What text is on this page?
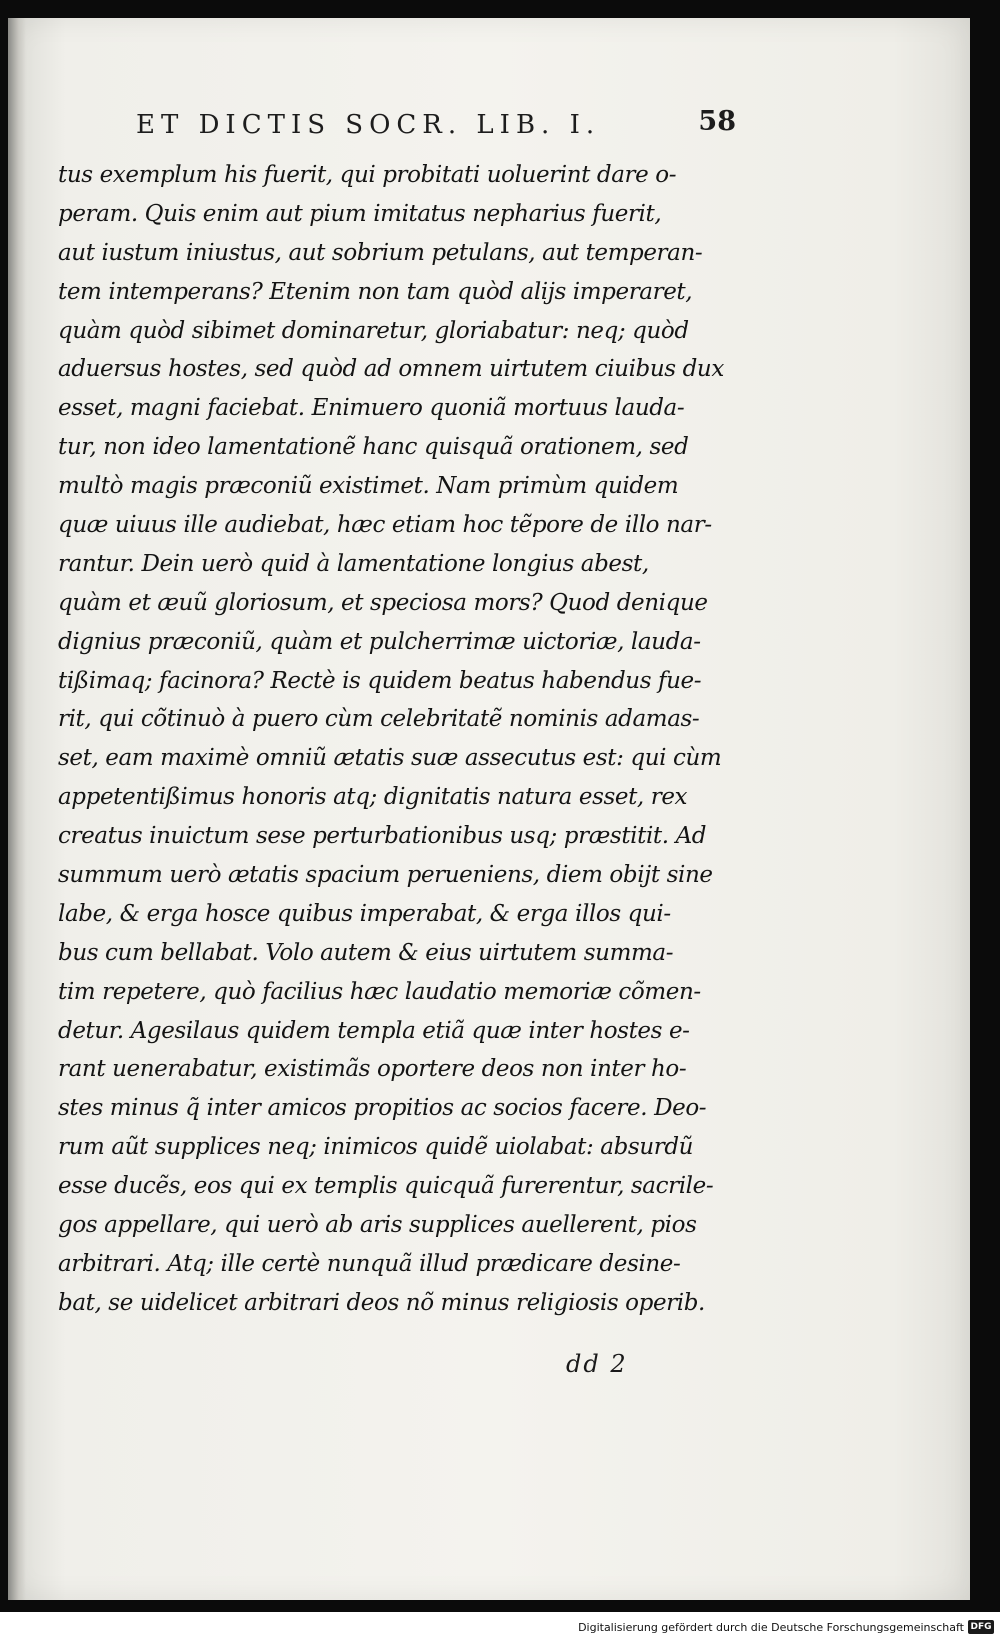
ET DICTIS SOCR. LIB. I.	58
tus exemplum his fuerit, qui probitati uoluerint dare o-
peram. Quis enim aut pium imitatus nepharius fuerit,
aut iustum iniustus, aut sobrium petulans, aut temperan-
tem intemperans? Etenim non tam quòd alijs imperaret,
quàm quòd sibimet dominaretur, gloriabatur: neq; quòd
aduersus hostes, sed quòd ad omnem uirtutem ciuibus dux
esset, magni faciebat. Enimuero quoniã mortuus lauda-
tur, non ideo lamentationẽ hanc quisquã orationem, sed
multò magis præconiũ existimet. Nam primùm quidem
quæ uiuus ille audiebat, hæc etiam hoc tẽpore de illo nar-
rantur. Dein uerò quid à lamentatione longius abest,
quàm et æuũ gloriosum, et speciosa mors? Quod denique
dignius præconiũ, quàm et pulcherrimæ uictoriæ, lauda-
tißimaq; facinora? Rectè is quidem beatus habendus fue-
rit, qui cõtinuò à puero cùm celebritatẽ nominis adamas-
set, eam maximè omniũ ætatis suæ assecutus est: qui cùm
appetentißimus honoris atq; dignitatis natura esset, rex
creatus inuictum sese perturbationibus usq; præstitit. Ad
summum uerò ætatis spacium perueniens, diem obijt sine
labe, & erga hosce quibus imperabat, & erga illos qui-
bus cum bellabat. Volo autem & eius uirtutem summa-
tim repetere, quò facilius hæc laudatio memoriæ cõmen-
detur. Agesilaus quidem templa etiã quæ inter hostes e-
rant uenerabatur, existimãs oportere deos non inter ho-
stes minus q̃ inter amicos propitios ac socios facere. Deo-
rum aũt supplices neq; inimicos quidẽ uiolabat: absurdũ
esse ducẽs, eos qui ex templis quicquã furerentur, sacrile-
gos appellare, qui uerò ab aris supplices auellerent, pios
arbitrari. Atq; ille certè nunquã illud prædicare desine-
bat, se uidelicet arbitrari deos nõ minus religiosis operib.
dd 2
Digitalisierung gefördert durch die Deutsche Forschungsgemeinschaft DFG
